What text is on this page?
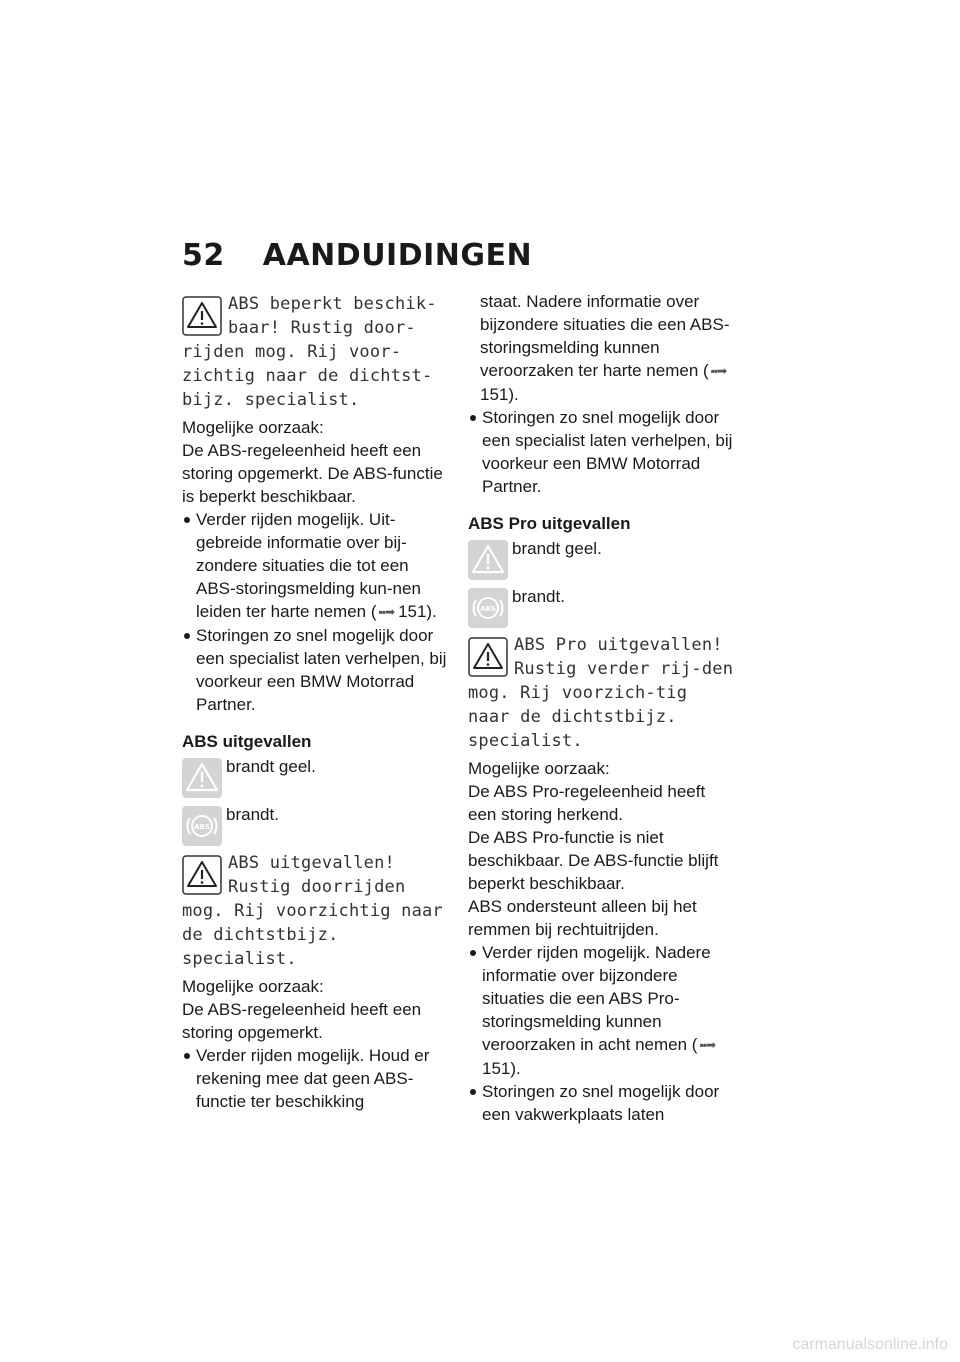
52 AANDUIDINGEN
ABS beperkt beschik-baar! Rustig door-rijden mog. Rij voor-zichtig naar de dichtst-bijz. specialist.
Mogelijke oorzaak:
De ABS-regeleenheid heeft een storing opgemerkt. De ABS-functie is beperkt beschikbaar.
Verder rijden mogelijk. Uit-gebreide informatie over bij-zondere situaties die tot een ABS-storingsmelding kun-nen leiden ter harte nemen ( ▪▪➡ 151).
Storingen zo snel mogelijk door een specialist laten verhelpen, bij voorkeur een BMW Motorrad Partner.
ABS uitgevallen
brandt geel.
ABS
brandt.
ABS uitgevallen! Rustig doorrijden mog. Rij voorzichtig naar de dichtstbijz. specialist.
Mogelijke oorzaak:
De ABS-regeleenheid heeft een storing opgemerkt.
Verder rijden mogelijk. Houd er rekening mee dat geen ABS-functie ter beschikking
staat. Nadere informatie over bijzondere situaties die een ABS-storingsmelding kunnen veroorzaken ter harte nemen ( ▪▪➡151).
Storingen zo snel mogelijk door een specialist laten verhelpen, bij voorkeur een BMW Motorrad Partner.
ABS Pro uitgevallen
brandt geel.
ABS
brandt.
ABS Pro uitgevallen! Rustig verder rij-den mog. Rij voorzich-tig naar de dichtstbijz. specialist.
Mogelijke oorzaak:
De ABS Pro-regeleenheid heeft een storing herkend.
De ABS Pro-functie is niet beschikbaar. De ABS-functie blijft beperkt beschikbaar.
ABS ondersteunt alleen bij het remmen bij rechtuitrijden.
Verder rijden mogelijk. Nadere informatie over bijzondere situaties die een ABS Pro-storingsmelding kunnen veroorzaken in acht nemen ( ▪▪➡151).
Storingen zo snel mogelijk door een vakwerkplaats laten
carmanualsonline.info
